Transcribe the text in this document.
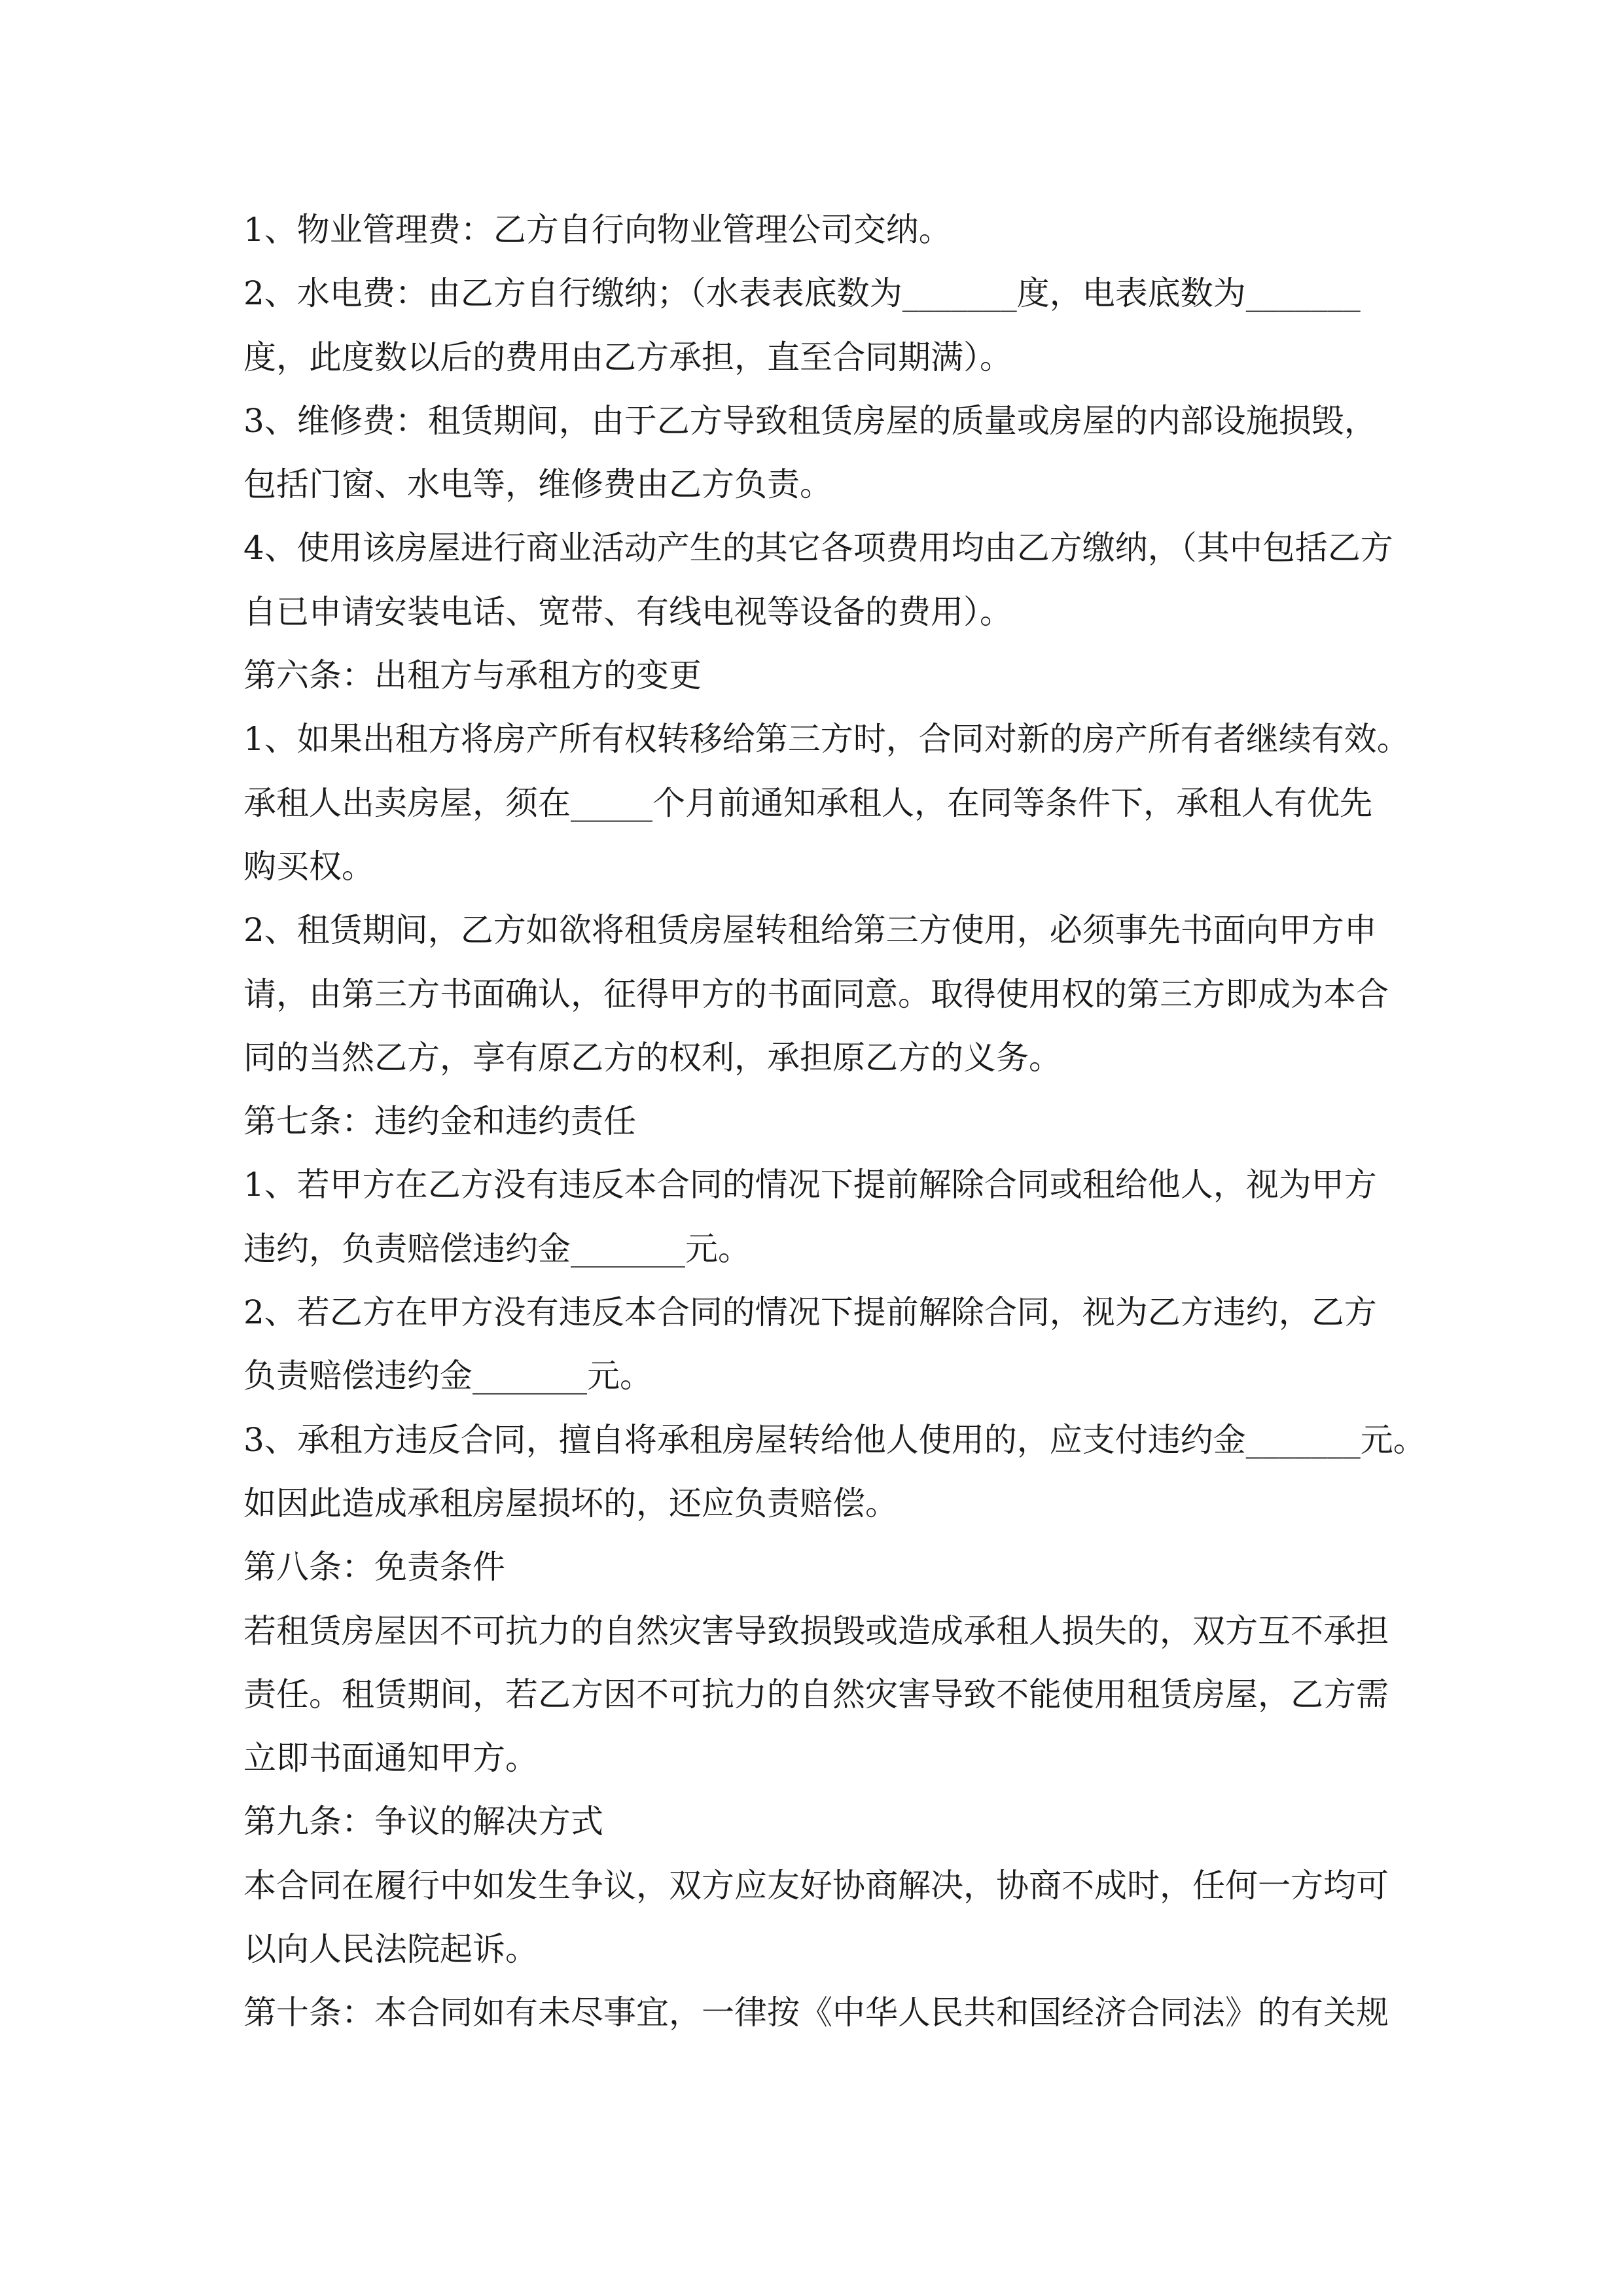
1、物业管理费：乙方自行向物业管理公司交纳。
2、水电费：由乙方自行缴纳；（水表表底数为_______度，电表底数为_______
度，此度数以后的费用由乙方承担，直至合同期满）。
3、维修费：租赁期间，由于乙方导致租赁房屋的质量或房屋的内部设施损毁，
包括门窗、水电等，维修费由乙方负责。
4、使用该房屋进行商业活动产生的其它各项费用均由乙方缴纳，（其中包括乙方
自已申请安装电话、宽带、有线电视等设备的费用）。
第六条：出租方与承租方的变更
1、如果出租方将房产所有权转移给第三方时，合同对新的房产所有者继续有效。
承租人出卖房屋，须在_____个月前通知承租人，在同等条件下，承租人有优先
购买权。
2、租赁期间，乙方如欲将租赁房屋转租给第三方使用，必须事先书面向甲方申
请，由第三方书面确认，征得甲方的书面同意。取得使用权的第三方即成为本合
同的当然乙方，享有原乙方的权利，承担原乙方的义务。
第七条：违约金和违约责任
1、若甲方在乙方没有违反本合同的情况下提前解除合同或租给他人，视为甲方
违约，负责赔偿违约金_______元。
2、若乙方在甲方没有违反本合同的情况下提前解除合同，视为乙方违约，乙方
负责赔偿违约金_______元。
3、承租方违反合同，擅自将承租房屋转给他人使用的，应支付违约金_______元。
如因此造成承租房屋损坏的，还应负责赔偿。
第八条：免责条件
若租赁房屋因不可抗力的自然灾害导致损毁或造成承租人损失的，双方互不承担
责任。租赁期间，若乙方因不可抗力的自然灾害导致不能使用租赁房屋，乙方需
立即书面通知甲方。
第九条：争议的解决方式
本合同在履行中如发生争议，双方应友好协商解决，协商不成时，任何一方均可
以向人民法院起诉。
第十条：本合同如有未尽事宜，一律按《中华人民共和国经济合同法》的有关规
